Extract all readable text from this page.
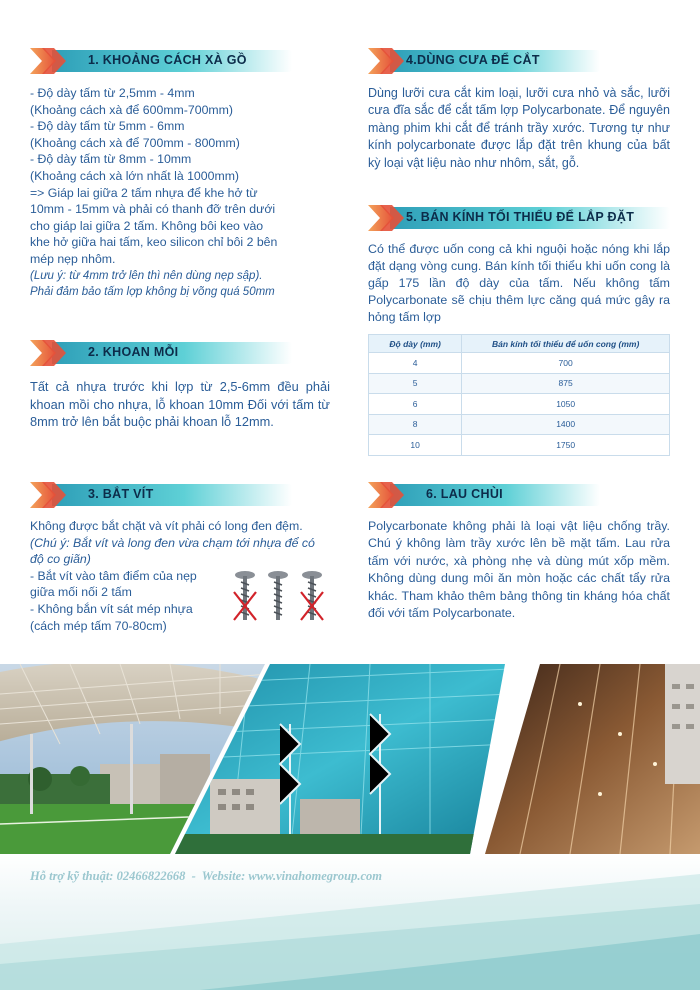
1. KHOẢNG CÁCH XÀ GỒ
- Độ dày tấm từ 2,5mm - 4mm
(Khoảng cách xà để 600mm-700mm)
- Độ dày tấm từ 5mm - 6mm
(Khoảng cách xà để 700mm - 800mm)
- Độ dày tấm từ 8mm - 10mm
(Khoảng cách xà lớn nhất là 1000mm)
=> Giáp lai giữa 2 tấm nhựa để khe hở từ
10mm - 15mm và phải có thanh đỡ trên dưới
cho giáp lai giữa 2 tấm. Không bôi keo vào
khe hở giữa hai tấm, keo silicon chỉ bôi 2 bên
mép nẹp nhôm.
(Lưu ý: từ 4mm trở lên thì nên dùng nẹp sập).
Phải đảm bảo tấm lợp không bị võng quá 50mm
2. KHOAN MỖI
Tất cả nhựa trước khi lợp từ 2,5-6mm đều phải khoan mồi cho nhựa, lỗ khoan 10mm Đối với tấm từ 8mm trở lên bắt buộc phải khoan lỗ 12mm.
3. BẮT VÍT
Không được bắt chặt và vít phải có long đen đệm.
(Chú ý: Bắt vít và long đen vừa chạm tới nhựa để có độ co giãn)
- Bắt vít vào tâm điểm của nẹp
giữa mối nối 2 tấm
- Không bắn vít sát mép nhựa
(cách mép tấm 70-80cm)
4.DÙNG CƯA ĐỂ CẮT
Dùng lưỡi cưa cắt kim loại, lưỡi cưa nhỏ và sắc, lưỡi cưa đĩa sắc để cắt tấm lợp Polycarbonate. Để nguyên màng phim khi cắt để tránh trầy xước. Tương tự như kính polycarbonate được lắp đặt trên khung của bất kỳ loại vật liệu nào như nhôm, sắt, gỗ.
5. BÁN KÍNH TỐI THIỂU ĐỂ LẮP ĐẶT
Có thể được uốn cong cả khi nguội hoặc nóng khi lắp đặt dạng vòng cung. Bán kính tối thiểu khi uốn cong là gấp 175 lần độ dày của tấm. Nếu không tấm Polycarbonate sẽ chịu thêm lực căng quá mức gây ra hỏng tấm lợp
Độ dày (mm)	Bán kính tối thiểu để uốn cong (mm)
4	700
5	875
6	1050
8	1400
10	1750
6. LAU CHÙI
Polycarbonate không phải là loại vật liệu chống trầy. Chú ý không làm trầy xước lên bề mặt tấm. Lau rửa tấm với nước, xà phòng nhẹ và dùng mút xốp mềm. Không dùng dung môi ăn mòn hoặc các chất tẩy rửa khác. Tham khảo thêm bảng thông tin kháng hóa chất đối với tấm Polycarbonate.
Hỗ trợ kỹ thuật: 02466822668  -  Website: www.vinahomegroup.com
